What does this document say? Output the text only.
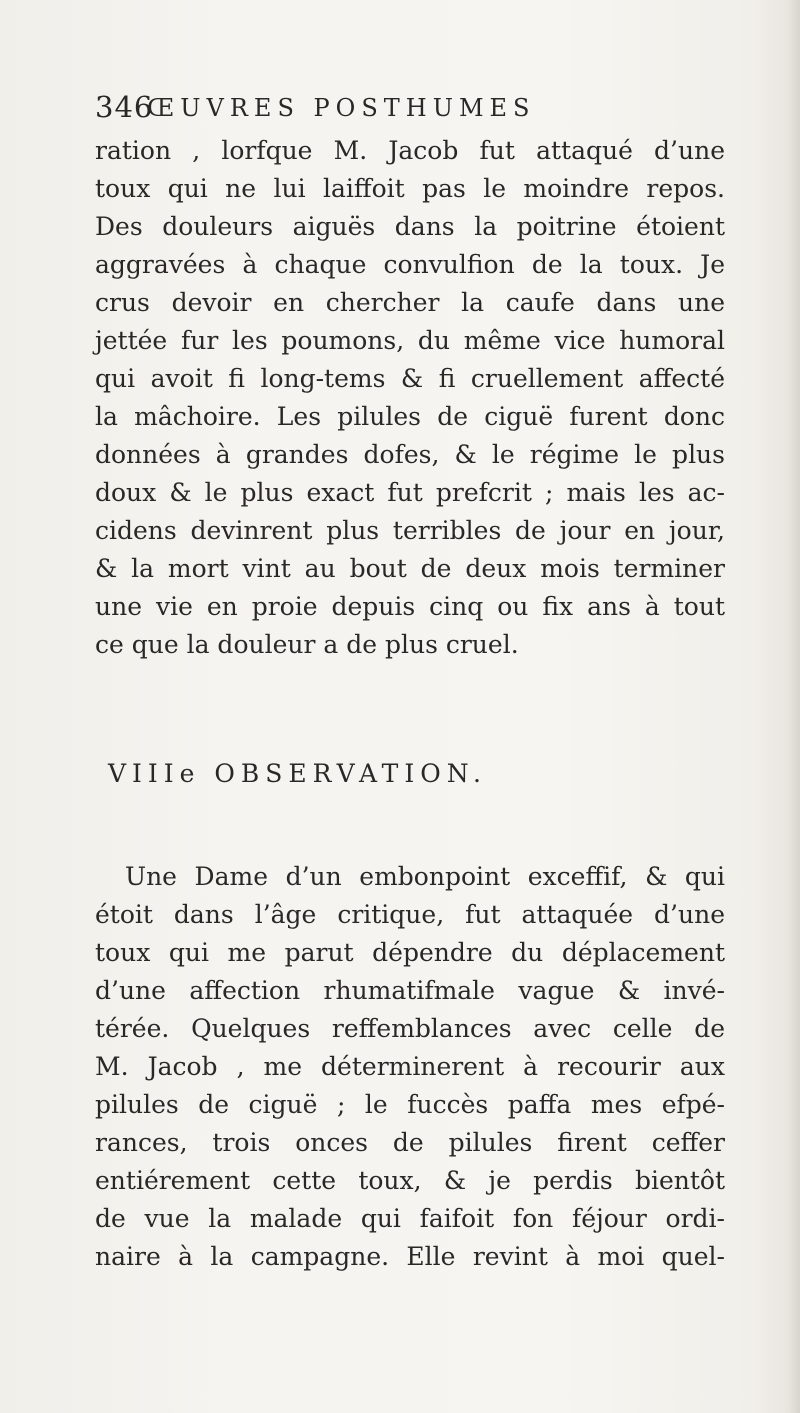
346
ŒUVRES POSTHUMES
ration , lorfque M. Jacob fut attaqué d’une
toux qui ne lui laiffoit pas le moindre repos.
Des douleurs aiguës dans la poitrine étoient
aggravées à chaque convulfion de la toux. Je
crus devoir en chercher la caufe dans une
jettée fur les poumons, du même vice humoral
qui avoit fi long-tems & fi cruellement affecté
la mâchoire. Les pilules de ciguë furent donc
données à grandes dofes, & le régime le plus
doux & le plus exact fut prefcrit ; mais les ac-
cidens devinrent plus terribles de jour en jour,
& la mort vint au bout de deux mois terminer
une vie en proie depuis cinq ou fix ans à tout
ce que la douleur a de plus cruel.
VIIIe OBSERVATION.
Une Dame d’un embonpoint exceffif, & qui
étoit dans l’âge critique, fut attaquée d’une
toux qui me parut dépendre du déplacement
d’une affection rhumatifmale vague & invé-
térée. Quelques reffemblances avec celle de
M. Jacob , me déterminerent à recourir aux
pilules de ciguë ; le fuccès paffa mes efpé-
rances, trois onces de pilules firent ceffer
entiérement cette toux, & je perdis bientôt
de vue la malade qui faifoit fon féjour ordi-
naire à la campagne. Elle revint à moi quel-
